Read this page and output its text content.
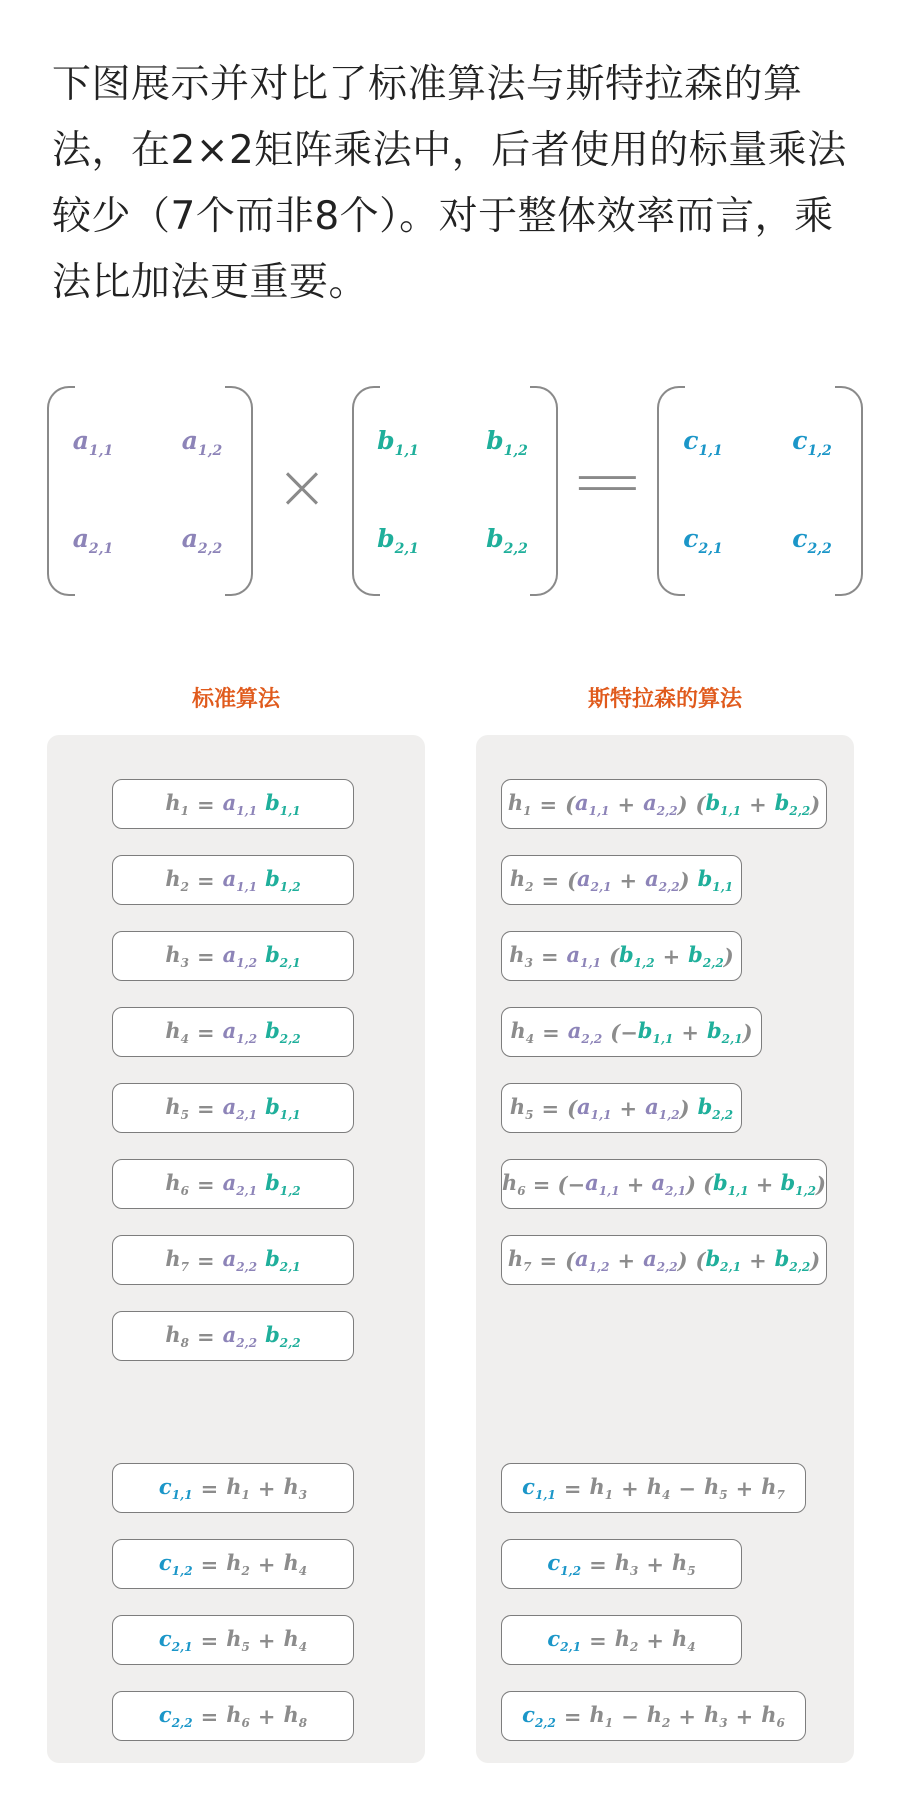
下图展示并对比了标准算法与斯特拉森的算法，在2×2矩阵乘法中，后者使用的标量乘法较少（7个而非8个）。对于整体效率而言，乘法比加法更重要。
$a_{1,1}$	$a_{1,2}$
$a_{2,1}$	$a_{2,2}$
×
$b_{1,1}$	$b_{1,2}$
$b_{2,1}$	$b_{2,2}$
=	$c_{1,1}$	$c_{1,2}$
$c_{2,1}$	$c_{2,2}$
标准算法	斯特拉森的算法
$h_1 = a_{1,1}$ $b_{1,1}$
$h_2 = a_{1,1}$ $b_{1,2}$
$h_3 = a_{1,2}$ $b_{2,1}$
$h_4 = a_{1,2}$ $b_{2,2}$
$h_5 = a_{2,1}$ $b_{1,1}$
$h_6 = a_{2,1}$ $b_{1,2}$
$h_7 = a_{2,2}$ $b_{2,1}$
$h_8 = a_{2,2}$ $b_{2,2}$
$c_{1,1} = h_1 + h_3$
$c_{1,2} = h_2 + h_4$
$c_{2,1} = h_5 + h_4$
$c_{2,2} = h_6 + h_8$
$h_1$ = ( $a_{1,1} + a_{2,2}$ ) ( $b_{1,1} + b_{2,2}$ )
$h_2$ = ( $a_{2,1} + a_{2,2}$ ) $b_{1,1}$
$h_3 = a_{1,1}$ ( $b_{1,2} + b_{2,2}$ )
$h_4 = a_{2,2}$ ( − $b_{1,1} + b_{2,1}$ )
$h_5$ = ( $a_{1,1} + a_{1,2}$ ) $b_{2,2}$
$h_6$ = ( − $a_{1,1} + a_{2,1}$ ) ( $b_{1,1} + b_{1,2}$ )
$h_7$ = ( $a_{1,2} + a_{2,2}$ ) ( $b_{2,1} + b_{2,2}$ )
$c_{1,1} = h_1 + h_4 - h_5 + h_7$
$c_{1,2} = h_3 + h_5$
$c_{2,1} = h_2 + h_4$
$c_{2,2} = h_1 - h_2 + h_3 + h_6$
